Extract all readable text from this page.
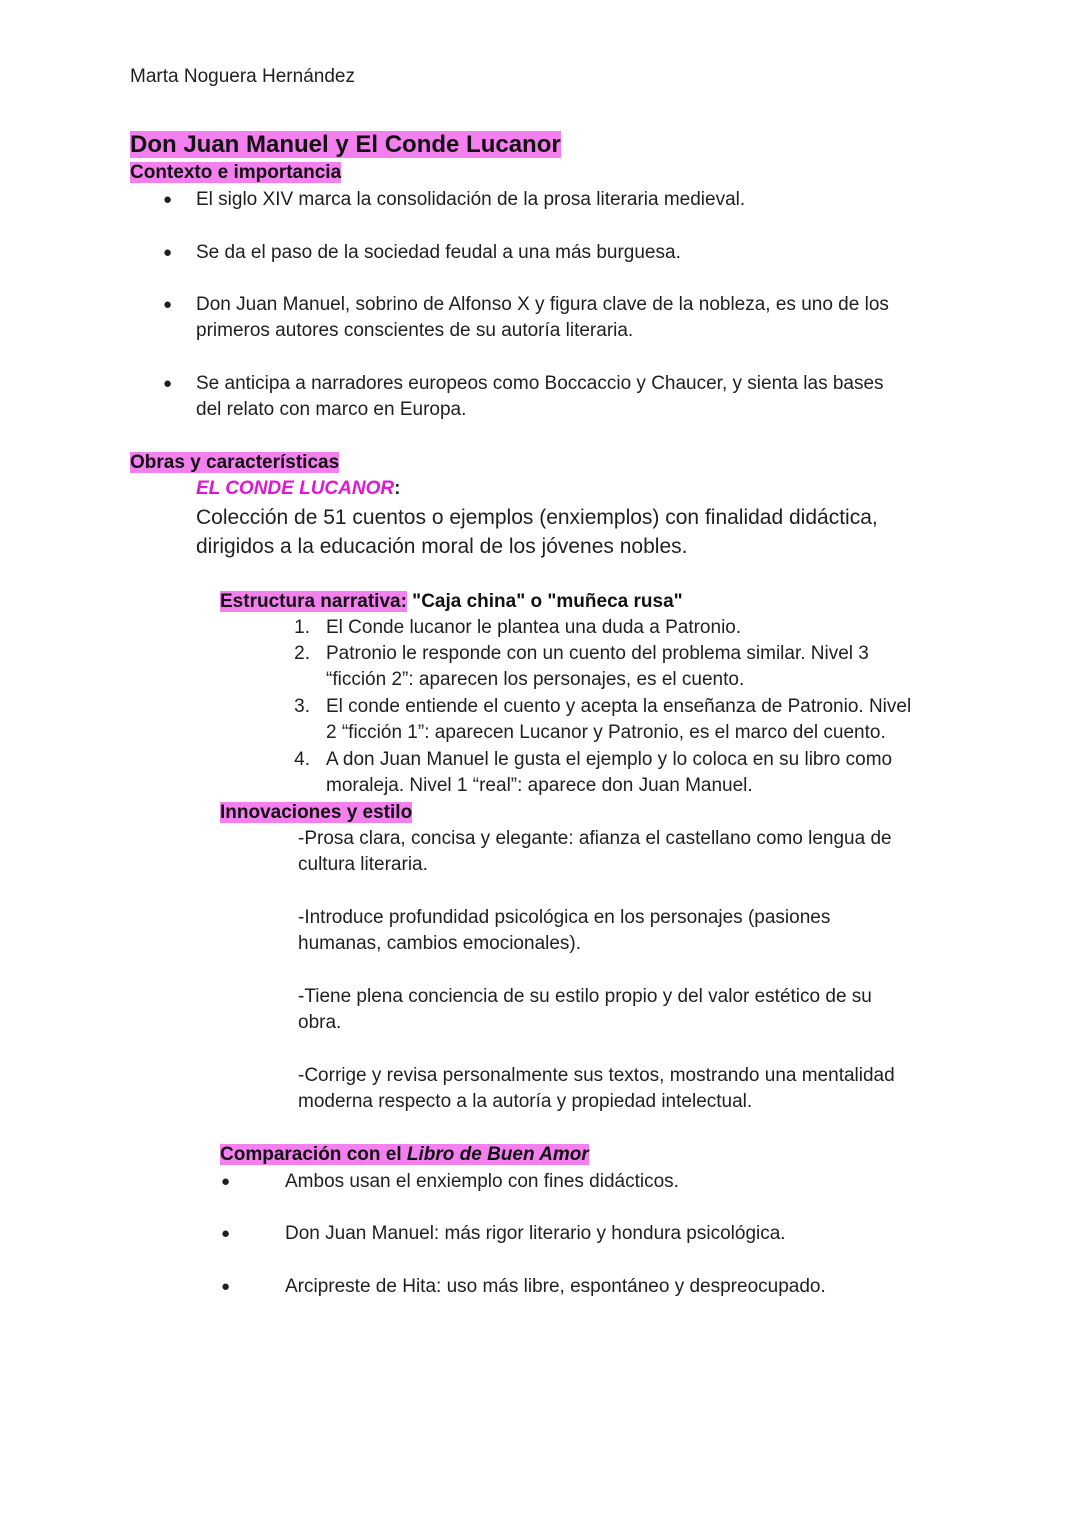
Marta Noguera Hernández
Don Juan Manuel y El Conde Lucanor
Contexto e importancia
● El siglo XIV marca la consolidación de la prosa literaria medieval.
● Se da el paso de la sociedad feudal a una más burguesa.
● Don Juan Manuel, sobrino de Alfonso X y figura clave de la nobleza, es uno de los
primeros autores conscientes de su autoría literaria.
● Se anticipa a narradores europeos como Boccaccio y Chaucer, y sienta las bases
del relato con marco en Europa.
Obras y características
EL CONDE LUCANOR:
Colección de 51 cuentos o ejemplos (enxiemplos) con finalidad didáctica,
dirigidos a la educación moral de los jóvenes nobles.
Estructura narrativa: "Caja china" o "muñeca rusa"
1. El Conde lucanor le plantea una duda a Patronio.
2. Patronio le responde con un cuento del problema similar. Nivel 3
“ficción 2”: aparecen los personajes, es el cuento.
3. El conde entiende el cuento y acepta la enseñanza de Patronio. Nivel
2 “ficción 1”: aparecen Lucanor y Patronio, es el marco del cuento.
4. A don Juan Manuel le gusta el ejemplo y lo coloca en su libro como
moraleja. Nivel 1 “real”: aparece don Juan Manuel.
Innovaciones y estilo
-Prosa clara, concisa y elegante: afianza el castellano como lengua de
cultura literaria.
-Introduce profundidad psicológica en los personajes (pasiones
humanas, cambios emocionales).
-Tiene plena conciencia de su estilo propio y del valor estético de su
obra.
-Corrige y revisa personalmente sus textos, mostrando una mentalidad
moderna respecto a la autoría y propiedad intelectual.
Comparación con el Libro de Buen Amor
●	Ambos usan el enxiemplo con fines didácticos.
●	Don Juan Manuel: más rigor literario y hondura psicológica.
●	Arcipreste de Hita: uso más libre, espontáneo y despreocupado.
